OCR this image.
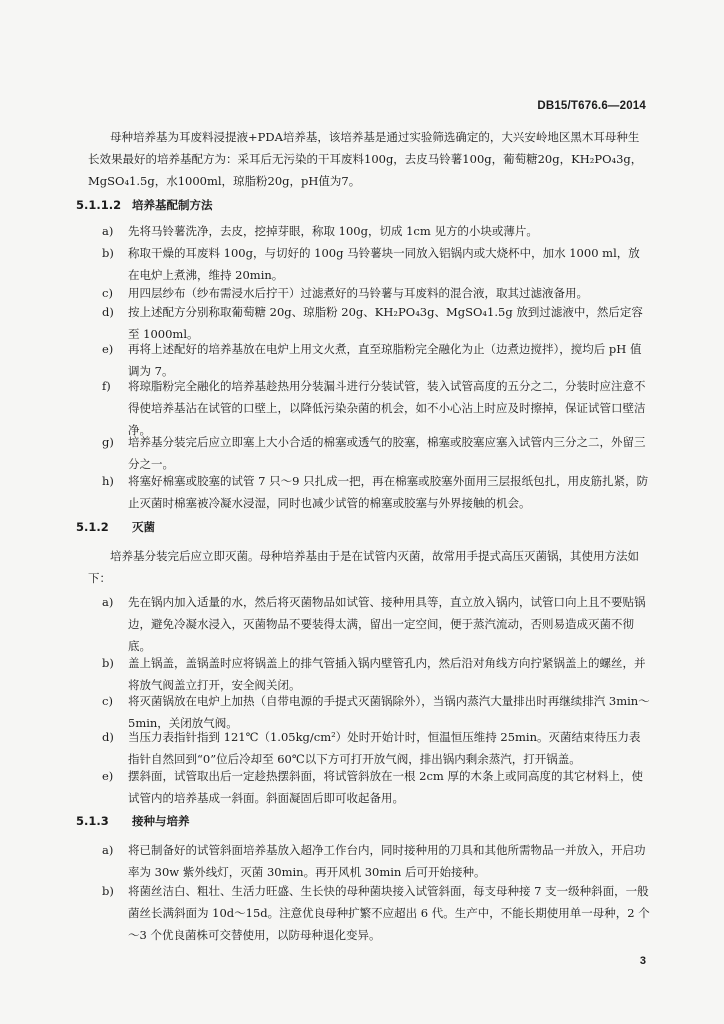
DB15/T676.6—2014
母种培养基为耳废料浸提液+PDA培养基，该培养基是通过实验筛选确定的，大兴安岭地区黑木耳母种生长效果最好的培养基配方为：采耳后无污染的干耳废料100g，去皮马铃薯100g，葡萄糖20g，KH₂PO₄3g，MgSO₄1.5g，水1000ml，琼脂粉20g，pH值为7。
5.1.1.2 培养基配制方法
a)	先将马铃薯洗净，去皮，挖掉芽眼，称取 100g，切成 1cm 见方的小块或薄片。
b)	称取干燥的耳废料 100g，与切好的 100g 马铃薯块一同放入铝锅内或大烧杯中，加水 1000 ml，放在电炉上煮沸，维持 20min。
c)	用四层纱布（纱布需浸水后拧干）过滤煮好的马铃薯与耳废料的混合液，取其过滤液备用。
d)	按上述配方分别称取葡萄糖 20g、琼脂粉 20g、KH₂PO₄3g、MgSO₄1.5g 放到过滤液中，然后定容至 1000ml。
e)	再将上述配好的培养基放在电炉上用文火煮，直至琼脂粉完全融化为止（边煮边搅拌），搅均后 pH 值调为 7。
f)	将琼脂粉完全融化的培养基趁热用分装漏斗进行分装试管，装入试管高度的五分之二，分装时应注意不得使培养基沾在试管的口壁上，以降低污染杂菌的机会，如不小心沾上时应及时擦掉，保证试管口壁洁净。
g)	培养基分装完后应立即塞上大小合适的棉塞或透气的胶塞，棉塞或胶塞应塞入试管内三分之二，外留三分之一。
h)	将塞好棉塞或胶塞的试管 7 只～9 只扎成一把，再在棉塞或胶塞外面用三层报纸包扎，用皮筋扎紧，防止灭菌时棉塞被冷凝水浸湿，同时也减少试管的棉塞或胶塞与外界接触的机会。
5.1.2 灭菌
培养基分装完后应立即灭菌。母种培养基由于是在试管内灭菌，故常用手提式高压灭菌锅，其使用方法如下：
a)	先在锅内加入适量的水，然后将灭菌物品如试管、接种用具等，直立放入锅内，试管口向上且不要贴锅边，避免冷凝水浸入，灭菌物品不要装得太满，留出一定空间，便于蒸汽流动，否则易造成灭菌不彻底。
b)	盖上锅盖，盖锅盖时应将锅盖上的排气管插入锅内壁管孔内，然后沿对角线方向拧紧锅盖上的螺丝，并将放气阀盖立打开，安全阀关闭。
c)	将灭菌锅放在电炉上加热（自带电源的手提式灭菌锅除外），当锅内蒸汽大量排出时再继续排汽 3min～5min，关闭放气阀。
d)	当压力表指针指到 121℃（1.05kg/cm²）处时开始计时，恒温恒压维持 25min。灭菌结束待压力表指针自然回到“0”位后冷却至 60℃以下方可打开放气阀，排出锅内剩余蒸汽，打开锅盖。
e)	摆斜面，试管取出后一定趁热摆斜面，将试管斜放在一根 2cm 厚的木条上或同高度的其它材料上，使试管内的培养基成一斜面。斜面凝固后即可收起备用。
5.1.3 接种与培养
a)	将已制备好的试管斜面培养基放入超净工作台内，同时接种用的刀具和其他所需物品一并放入，开启功率为 30w 紫外线灯，灭菌 30min。再开风机 30min 后可开始接种。
b)	将菌丝洁白、粗壮、生活力旺盛、生长快的母种菌块接入试管斜面，每支母种接 7 支一级种斜面，一般菌丝长满斜面为 10d～15d。注意优良母种扩繁不应超出 6 代。生产中，不能长期使用单一母种，2 个～3 个优良菌株可交替使用，以防母种退化变异。
3
